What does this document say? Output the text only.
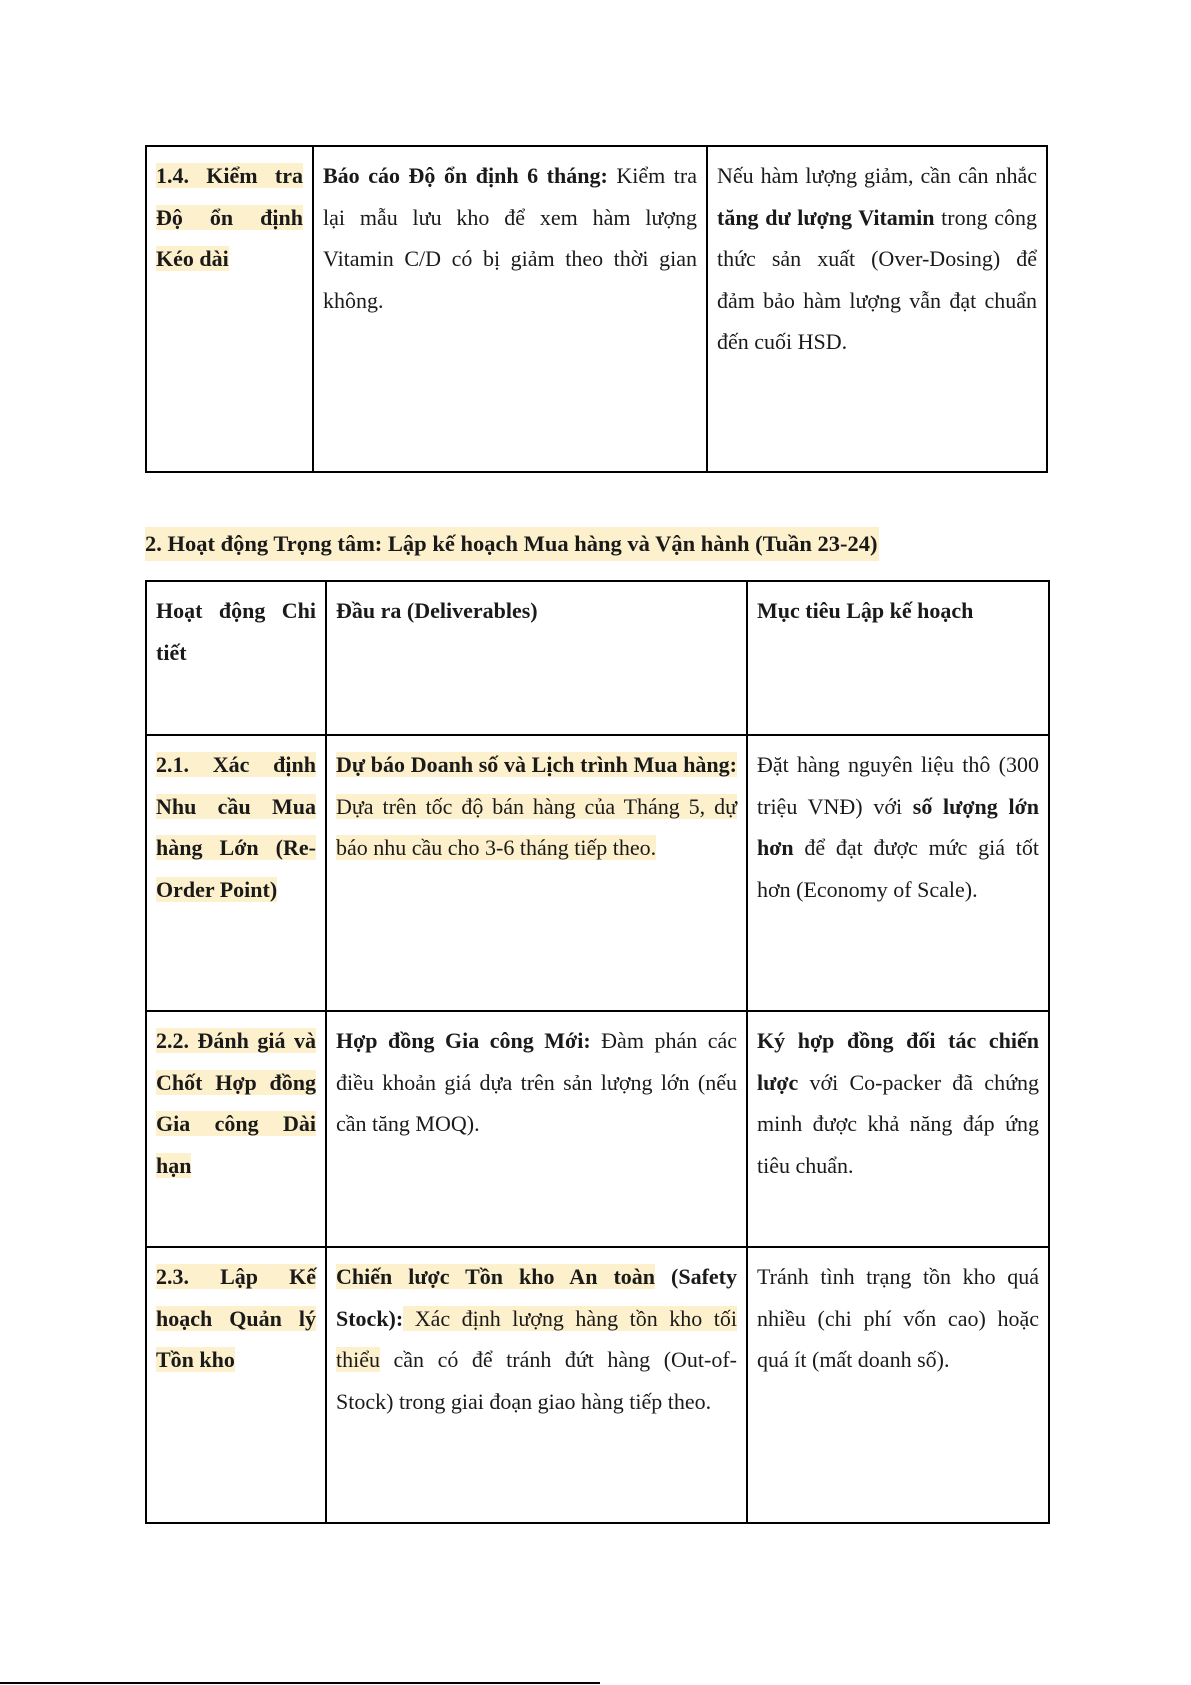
1.4. Kiểm tra Độ ổn định Kéo dài	Báo cáo Độ ổn định 6 tháng: Kiểm tra lại mẫu lưu kho để xem hàm lượng Vitamin C/D có bị giảm theo thời gian không.	Nếu hàm lượng giảm, cần cân nhắc tăng dư lượng Vitamin trong công thức sản xuất (Over-Dosing) để đảm bảo hàm lượng vẫn đạt chuẩn đến cuối HSD.
2. Hoạt động Trọng tâm: Lập kế hoạch Mua hàng và Vận hành (Tuần 23-24)
Hoạt động Chi tiết	Đầu ra (Deliverables)	Mục tiêu Lập kế hoạch
2.1. Xác định Nhu cầu Mua hàng Lớn (Re-Order Point)	Dự báo Doanh số và Lịch trình Mua hàng: Dựa trên tốc độ bán hàng của Tháng 5, dự báo nhu cầu cho 3-6 tháng tiếp theo.	Đặt hàng nguyên liệu thô (300 triệu VNĐ) với số lượng lớn hơn để đạt được mức giá tốt hơn (Economy of Scale).
2.2. Đánh giá và Chốt Hợp đồng Gia công Dài hạn	Hợp đồng Gia công Mới: Đàm phán các điều khoản giá dựa trên sản lượng lớn (nếu cần tăng MOQ).	Ký hợp đồng đối tác chiến lược với Co-packer đã chứng minh được khả năng đáp ứng tiêu chuẩn.
2.3. Lập Kế hoạch Quản lý Tồn kho	Chiến lược Tồn kho An toàn (Safety Stock): Xác định lượng hàng tồn kho tối thiểu cần có để tránh đứt hàng (Out-of-Stock) trong giai đoạn giao hàng tiếp theo.	Tránh tình trạng tồn kho quá nhiều (chi phí vốn cao) hoặc quá ít (mất doanh số).
